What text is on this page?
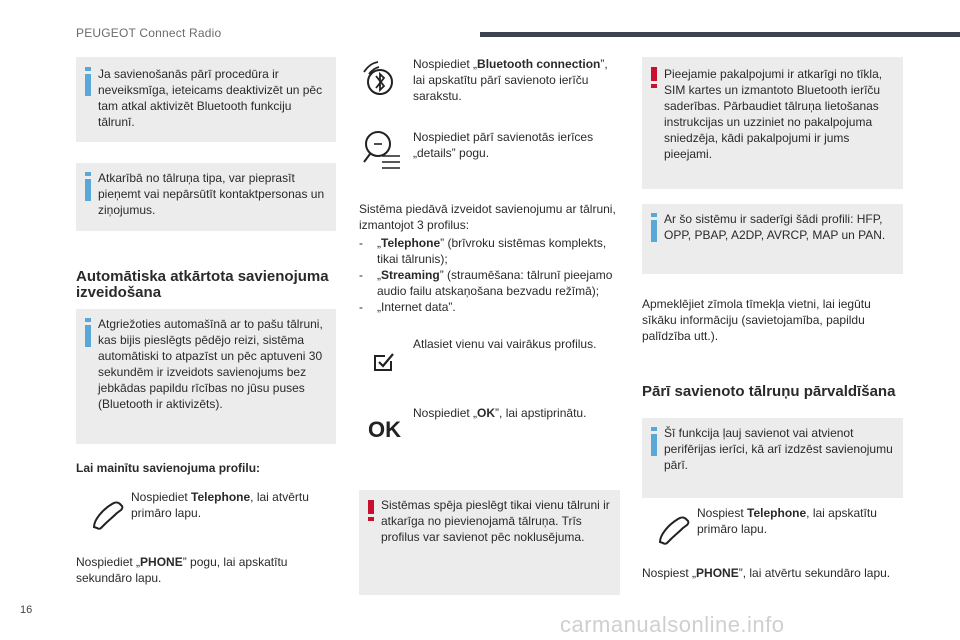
PEUGEOT Connect Radio

Ja savienošanās pārī procedūra ir neveiksmīga, ieteicams deaktivizēt un pēc tam atkal aktivizēt Bluetooth funkciju tālrunī.

Atkarībā no tālruņa tipa, var pieprasīt pieņemt vai nepārsūtīt kontaktpersonas un ziņojumus.

Automātiska atkārtota savienojuma izveidošana

Atgriežoties automašīnā ar to pašu tālruni, kas bijis pieslēgts pēdējo reizi, sistēma automātiski to atpazīst un pēc aptuveni 30 sekundēm ir izveidots savienojums bez jebkādas papildu rīcības no jūsu puses (Bluetooth ir aktivizēts).

Lai mainītu savienojuma profilu:

Nospiediet Telephone, lai atvērtu primāro lapu.

Nospiediet „PHONE” pogu, lai apskatītu sekundāro lapu.

Nospiediet „Bluetooth connection”, lai apskatītu pārī savienoto ierīču sarakstu.

Nospiediet pārī savienotās ierīces „details” pogu.

Sistēma piedāvā izveidot savienojumu ar tālruni, izmantojot 3 profilus:

- „Telephone” (brīvroku sistēmas komplekts, tikai tālrunis);
- „Streaming” (straumēšana: tālrunī pieejamo audio failu atskaņošana bezvadu režīmā);
- „Internet data”.

Atlasiet vienu vai vairākus profilus.

OK

Nospiediet „OK”, lai apstiprinātu.

Sistēmas spēja pieslēgt tikai vienu tālruni ir atkarīga no pievienojamā tālruņa. Trīs profilus var savienot pēc noklusējuma.

Pieejamie pakalpojumi ir atkarīgi no tīkla, SIM kartes un izmantoto Bluetooth ierīču saderības. Pārbaudiet tālruņa lietošanas instrukcijas un uzziniet no pakalpojuma sniedzēja, kādi pakalpojumi ir jums pieejami.

Ar šo sistēmu ir saderīgi šādi profili: HFP, OPP, PBAP, A2DP, AVRCP, MAP un PAN.

Apmeklējiet zīmola tīmekļa vietni, lai iegūtu sīkāku informāciju (savietojamība, papildu palīdzība utt.).

Pārī savienoto tālruņu pārvaldīšana

Šī funkcija ļauj savienot vai atvienot perifērijas ierīci, kā arī izdzēst savienojumu pārī.

Nospiest Telephone, lai apskatītu primāro lapu.

Nospiest „PHONE”, lai atvērtu sekundāro lapu.

16
carmanualsonline.info
